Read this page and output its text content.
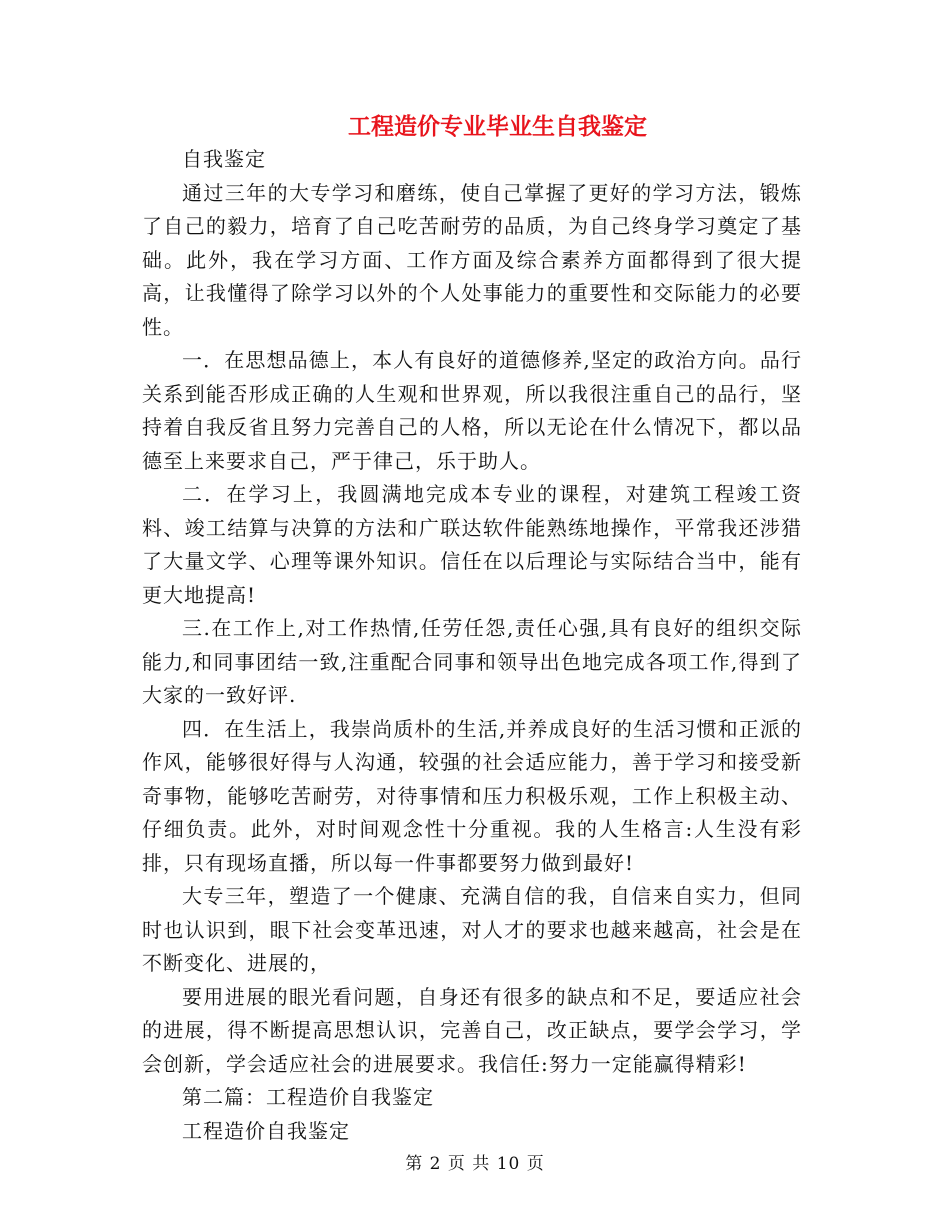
工程造价专业毕业生自我鉴定

自我鉴定

通过三年的大专学习和磨练，使自己掌握了更好的学习方法，锻炼了自己的毅力，培育了自己吃苦耐劳的品质，为自己终身学习奠定了基础。此外，我在学习方面、工作方面及综合素养方面都得到了很大提高，让我懂得了除学习以外的个人处事能力的重要性和交际能力的必要性。

一．在思想品德上，本人有良好的道德修养,坚定的政治方向。品行关系到能否形成正确的人生观和世界观，所以我很注重自己的品行，坚持着自我反省且努力完善自己的人格，所以无论在什么情况下，都以品德至上来要求自己，严于律己，乐于助人。

二．在学习上，我圆满地完成本专业的课程，对建筑工程竣工资料、竣工结算与决算的方法和广联达软件能熟练地操作，平常我还涉猎了大量文学、心理等课外知识。信任在以后理论与实际结合当中，能有更大地提高!

三.在工作上,对工作热情,任劳任怨,责任心强,具有良好的组织交际能力,和同事团结一致,注重配合同事和领导出色地完成各项工作,得到了大家的一致好评.

四．在生活上，我崇尚质朴的生活,并养成良好的生活习惯和正派的作风，能够很好得与人沟通，较强的社会适应能力，善于学习和接受新奇事物，能够吃苦耐劳，对待事情和压力积极乐观，工作上积极主动、仔细负责。此外，对时间观念性十分重视。我的人生格言:人生没有彩排，只有现场直播，所以每一件事都要努力做到最好!

大专三年，塑造了一个健康、充满自信的我，自信来自实力，但同时也认识到，眼下社会变革迅速，对人才的要求也越来越高，社会是在不断变化、进展的，

要用进展的眼光看问题，自身还有很多的缺点和不足，要适应社会的进展，得不断提高思想认识，完善自己，改正缺点，要学会学习，学会创新，学会适应社会的进展要求。我信任:努力一定能赢得精彩!

第二篇：工程造价自我鉴定

工程造价自我鉴定

第 2 页 共 10 页
